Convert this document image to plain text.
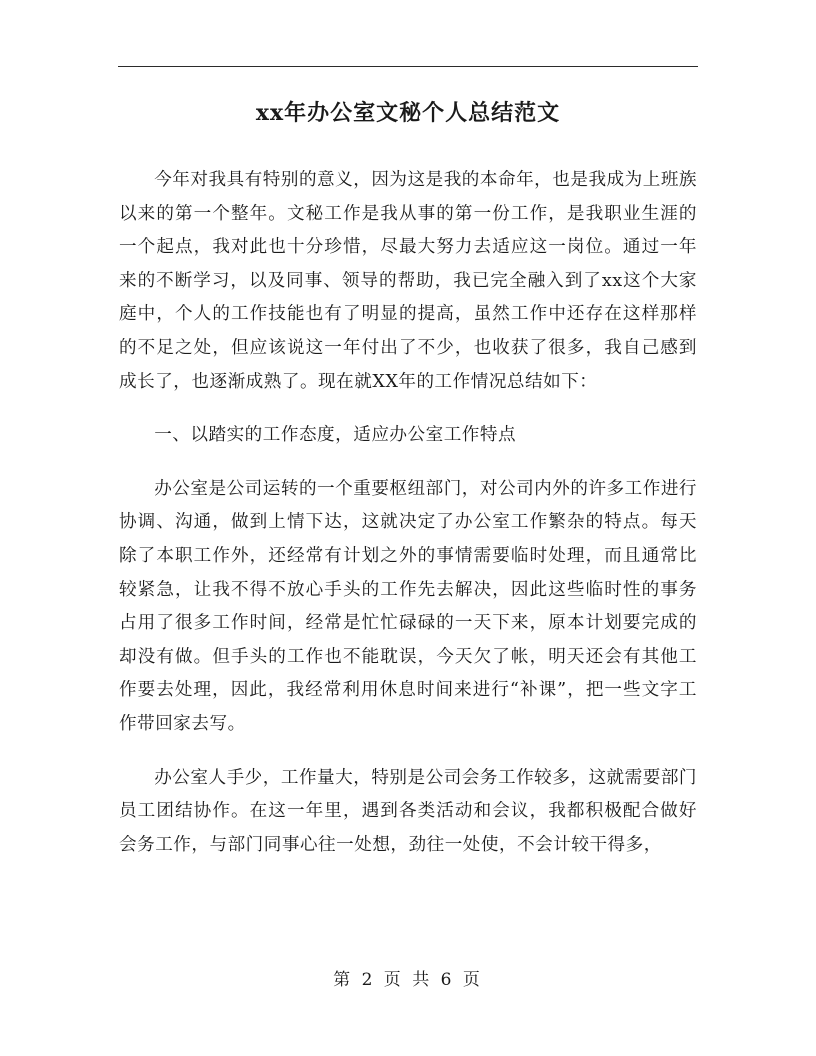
xx年办公室文秘个人总结范文

今年对我具有特别的意义，因为这是我的本命年，也是我成为上班族以来的第一个整年。文秘工作是我从事的第一份工作，是我职业生涯的一个起点，我对此也十分珍惜，尽最大努力去适应这一岗位。通过一年来的不断学习，以及同事、领导的帮助，我已完全融入到了xx这个大家庭中，个人的工作技能也有了明显的提高，虽然工作中还存在这样那样的不足之处，但应该说这一年付出了不少，也收获了很多，我自己感到成长了，也逐渐成熟了。现在就XX年的工作情况总结如下：

一、以踏实的工作态度，适应办公室工作特点

办公室是公司运转的一个重要枢纽部门，对公司内外的许多工作进行协调、沟通，做到上情下达，这就决定了办公室工作繁杂的特点。每天除了本职工作外，还经常有计划之外的事情需要临时处理，而且通常比较紧急，让我不得不放心手头的工作先去解决，因此这些临时性的事务占用了很多工作时间，经常是忙忙碌碌的一天下来，原本计划要完成的却没有做。但手头的工作也不能耽误，今天欠了帐，明天还会有其他工作要去处理，因此，我经常利用休息时间来进行“补课”，把一些文字工作带回家去写。

办公室人手少，工作量大，特别是公司会务工作较多，这就需要部门员工团结协作。在这一年里，遇到各类活动和会议，我都积极配合做好会务工作，与部门同事心往一处想，劲往一处使，不会计较干得多，

第 2 页 共 6 页
